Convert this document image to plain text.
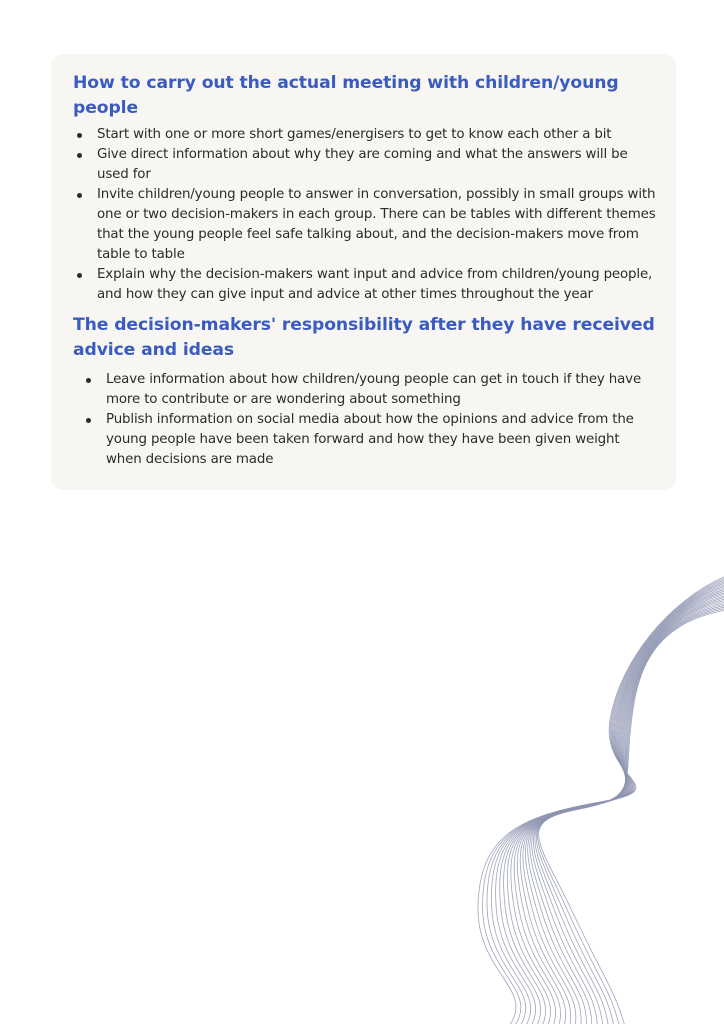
How to carry out the actual meeting with children/young people
Start with one or more short games/energisers to get to know each other a bit
Give direct information about why they are coming and what the answers will be used for
Invite children/young people to answer in conversation, possibly in small groups with one or two decision-makers in each group. There can be tables with different themes that the young people feel safe talking about, and the decision-makers move from table to table
Explain why the decision-makers want input and advice from children/young people, and how they can give input and advice at other times throughout the year
The decision-makers' responsibility after they have received advice and ideas
Leave information about how children/young people can get in touch if they have more to contribute or are wondering about something
Publish information on social media about how the opinions and advice from the young people have been taken forward and how they have been given weight when decisions are made
